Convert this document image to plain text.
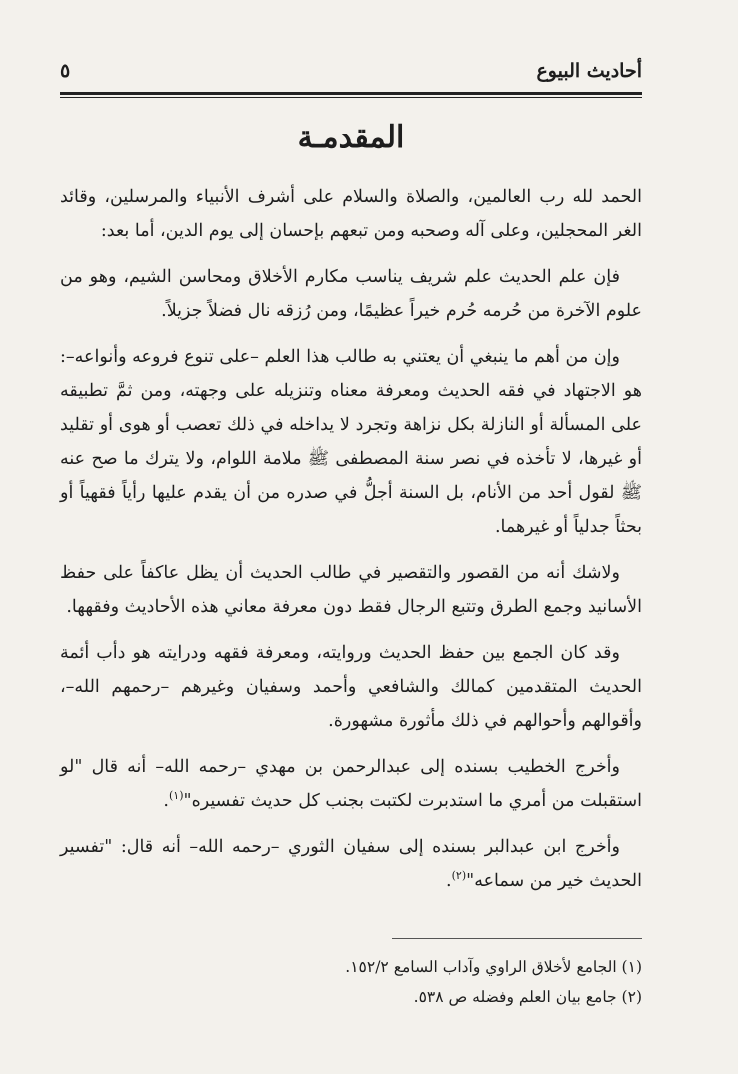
أحاديث البيوع
٥
المقدمـة

الحمد لله رب العالمين، والصلاة والسلام على أشرف الأنبياء والمرسلين، وقائد الغر المحجلين، وعلى آله وصحبه ومن تبعهم بإحسان إلى يوم الدين، أما بعد:

فإن علم الحديث علم شريف يناسب مكارم الأخلاق ومحاسن الشيم، وهو من علوم الآخرة من حُرمه حُرم خيراً عظيمًا، ومن رُزقه نال فضلاً جزيلاً.

وإن من أهم ما ينبغي أن يعتني به طالب هذا العلم –على تنوع فروعه وأنواعه–: هو الاجتهاد في فقه الحديث ومعرفة معناه وتنزيله على وجهته، ومن ثمَّ تطبيقه على المسألة أو النازلة بكل نزاهة وتجرد لا يداخله في ذلك تعصب أو هوى أو تقليد أو غيرها، لا تأخذه في نصر سنة المصطفى ﷺ ملامة اللوام، ولا يترك ما صح عنه ﷺ لقول أحد من الأنام، بل السنة أجلُّ في صدره من أن يقدم عليها رأياً فقهياً أو بحثاً جدلياً أو غيرهما.

ولاشك أنه من القصور والتقصير في طالب الحديث أن يظل عاكفاً على حفظ الأسانيد وجمع الطرق وتتبع الرجال فقط دون معرفة معاني هذه الأحاديث وفقهها.

وقد كان الجمع بين حفظ الحديث وروايته، ومعرفة فقهه ودرايته هو دأب أئمة الحديث المتقدمين كمالك والشافعي وأحمد وسفيان وغيرهم –رحمهم الله–، وأقوالهم وأحوالهم في ذلك مأثورة مشهورة.

وأخرج الخطيب بسنده إلى عبدالرحمن بن مهدي –رحمه الله– أنه قال "لو استقبلت من أمري ما استدبرت لكتبت بجنب كل حديث تفسيره"$^{(١)}$.

وأخرج ابن عبدالبر بسنده إلى سفيان الثوري –رحمه الله– أنه قال: "تفسير الحديث خير من سماعه"$^{(٢)}$.

(١) الجامع لأخلاق الراوي وآداب السامع ١٥٢/٢.

(٢) جامع بيان العلم وفضله ص ٥٣٨.
